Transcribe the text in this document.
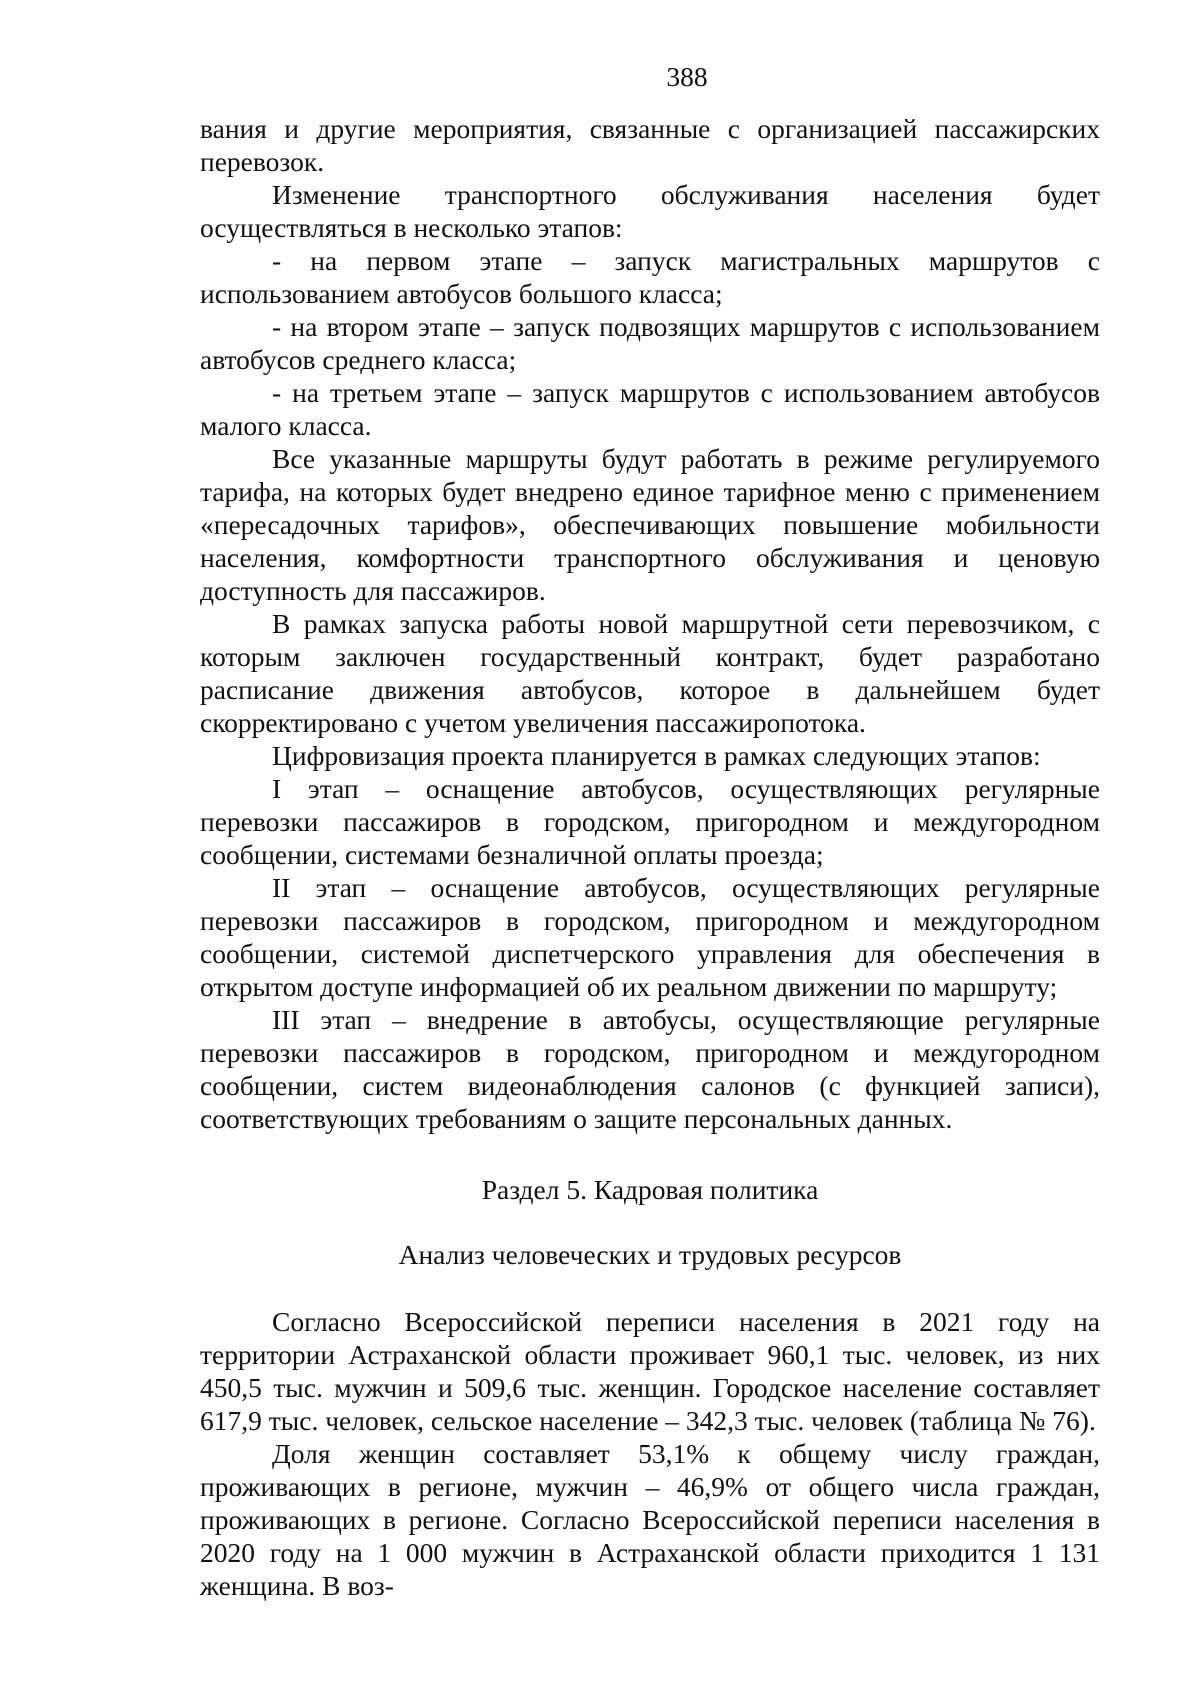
388

вания и другие мероприятия, связанные с организацией пассажирских перевозок.

Изменение транспортного обслуживания населения будет осуществляться в несколько этапов:

- на первом этапе – запуск магистральных маршрутов с использованием автобусов большого класса;

- на втором этапе – запуск подвозящих маршрутов с использованием автобусов среднего класса;

- на третьем этапе – запуск маршрутов с использованием автобусов малого класса.

Все указанные маршруты будут работать в режиме регулируемого тарифа, на которых будет внедрено единое тарифное меню с применением «пересадочных тарифов», обеспечивающих повышение мобильности населения, комфортности транспортного обслуживания и ценовую доступность для пассажиров.

В рамках запуска работы новой маршрутной сети перевозчиком, с которым заключен государственный контракт, будет разработано расписание движения автобусов, которое в дальнейшем будет скорректировано с учетом увеличения пассажиропотока.

Цифровизация проекта планируется в рамках следующих этапов:

I этап – оснащение автобусов, осуществляющих регулярные перевозки пассажиров в городском, пригородном и междугородном сообщении, системами безналичной оплаты проезда;

II этап – оснащение автобусов, осуществляющих регулярные перевозки пассажиров в городском, пригородном и междугородном сообщении, системой диспетчерского управления для обеспечения в открытом доступе информацией об их реальном движении по маршруту;

III этап – внедрение в автобусы, осуществляющие регулярные перевозки пассажиров в городском, пригородном и междугородном сообщении, систем видеонаблюдения салонов (с функцией записи), соответствующих требованиям о защите персональных данных.

Раздел 5. Кадровая политика

Анализ человеческих и трудовых ресурсов

Согласно Всероссийской переписи населения в 2021 году на территории Астраханской области проживает 960,1 тыс. человек, из них 450,5 тыс. мужчин и 509,6 тыс. женщин. Городское население составляет 617,9 тыс. человек, сельское население – 342,3 тыс. человек (таблица № 76).

Доля женщин составляет 53,1% к общему числу граждан, проживающих в регионе, мужчин – 46,9% от общего числа граждан, проживающих в регионе. Согласно Всероссийской переписи населения в 2020 году на 1 000 мужчин в Астраханской области приходится 1 131 женщина. В воз-
